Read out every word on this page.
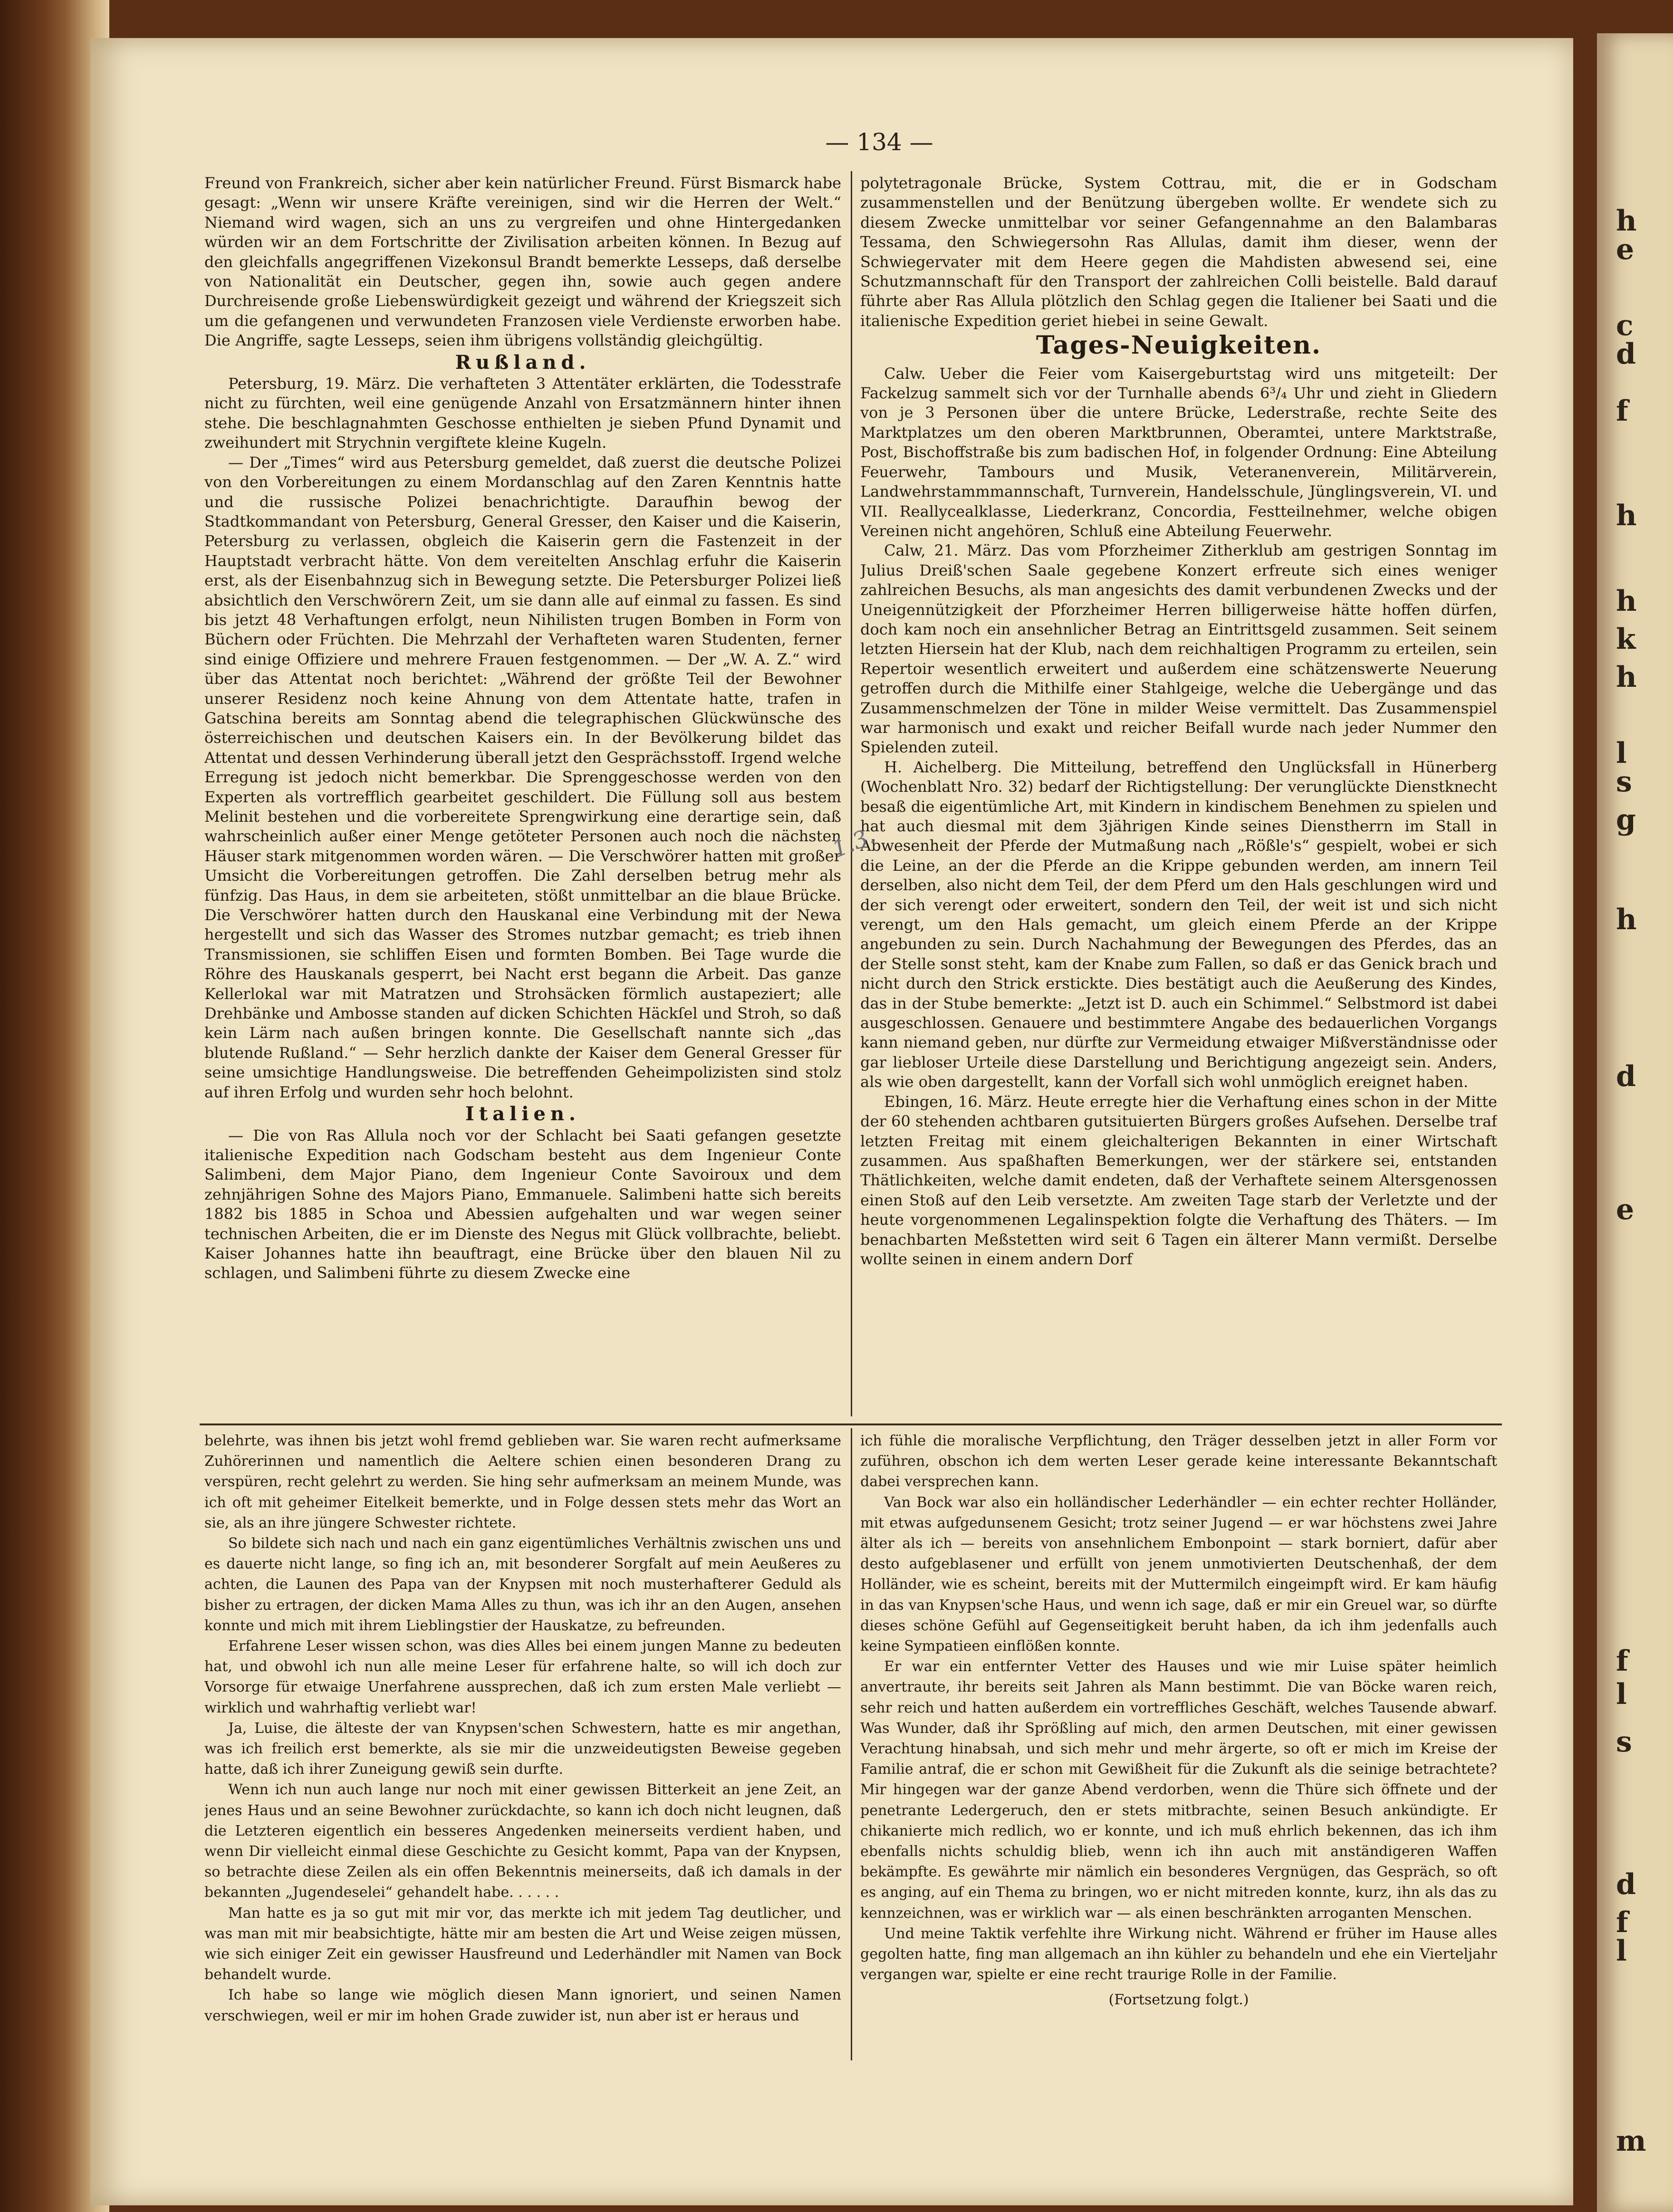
h
e
c
d
f
h
h
k
h
l
s
g
h
d
e
f
l
s
d
f
l
m
— 134 —

Freund von Frankreich, sicher aber kein natürlicher Freund. Fürst Bismarck habe gesagt: „Wenn wir unsere Kräfte vereinigen, sind wir die Herren der Welt.“ Niemand wird wagen, sich an uns zu vergreifen und ohne Hintergedanken würden wir an dem Fortschritte der Zivilisation arbeiten können. In Bezug auf den gleichfalls angegriffenen Vizekonsul Brandt bemerkte Lesseps, daß derselbe von Nationalität ein Deutscher, gegen ihn, sowie auch gegen andere Durchreisende große Liebenswürdigkeit gezeigt und während der Kriegszeit sich um die gefangenen und verwundeten Franzosen viele Verdienste erworben habe. Die Angriffe, sagte Lesseps, seien ihm übrigens vollständig gleichgültig.

Rußland.

Petersburg, 19. März. Die verhafteten 3 Attentäter erklärten, die Todesstrafe nicht zu fürchten, weil eine genügende Anzahl von Ersatzmännern hinter ihnen stehe. Die beschlagnahmten Geschosse enthielten je sieben Pfund Dynamit und zweihundert mit Strychnin vergiftete kleine Kugeln.

— Der „Times“ wird aus Petersburg gemeldet, daß zuerst die deutsche Polizei von den Vorbereitungen zu einem Mordanschlag auf den Zaren Kenntnis hatte und die russische Polizei benachrichtigte. Daraufhin bewog der Stadtkommandant von Petersburg, General Gresser, den Kaiser und die Kaiserin, Petersburg zu verlassen, obgleich die Kaiserin gern die Fastenzeit in der Hauptstadt verbracht hätte. Von dem vereitelten Anschlag erfuhr die Kaiserin erst, als der Eisenbahnzug sich in Bewegung setzte. Die Petersburger Polizei ließ absichtlich den Verschwörern Zeit, um sie dann alle auf einmal zu fassen. Es sind bis jetzt 48 Verhaftungen erfolgt, neun Nihilisten trugen Bomben in Form von Büchern oder Früchten. Die Mehrzahl der Verhafteten waren Studenten, ferner sind einige Offiziere und mehrere Frauen festgenommen. — Der „W. A. Z.“ wird über das Attentat noch berichtet: „Während der größte Teil der Bewohner unserer Residenz noch keine Ahnung von dem Attentate hatte, trafen in Gatschina bereits am Sonntag abend die telegraphischen Glückwünsche des österreichischen und deutschen Kaisers ein. In der Bevölkerung bildet das Attentat und dessen Verhinderung überall jetzt den Gesprächsstoff. Irgend welche Erregung ist jedoch nicht bemerkbar. Die Sprenggeschosse werden von den Experten als vortrefflich gearbeitet geschildert. Die Füllung soll aus bestem Melinit bestehen und die vorbereitete Sprengwirkung eine derartige sein, daß wahrscheinlich außer einer Menge getöteter Personen auch noch die nächsten Häuser stark mitgenommen worden wären. — Die Verschwörer hatten mit großer Umsicht die Vorbereitungen getroffen. Die Zahl derselben betrug mehr als fünfzig. Das Haus, in dem sie arbeiteten, stößt unmittelbar an die blaue Brücke. Die Verschwörer hatten durch den Hauskanal eine Verbindung mit der Newa hergestellt und sich das Wasser des Stromes nutzbar gemacht; es trieb ihnen Transmissionen, sie schliffen Eisen und formten Bomben. Bei Tage wurde die Röhre des Hauskanals gesperrt, bei Nacht erst begann die Arbeit. Das ganze Kellerlokal war mit Matratzen und Strohsäcken förmlich austapeziert; alle Drehbänke und Ambosse standen auf dicken Schichten Häckſel und Stroh, so daß kein Lärm nach außen bringen konnte. Die Gesellschaft nannte sich „das blutende Rußland.“ — Sehr herzlich dankte der Kaiser dem General Gresser für seine umsichtige Handlungsweise. Die betreffenden Geheimpolizisten sind stolz auf ihren Erfolg und wurden sehr hoch belohnt.

Italien.

— Die von Ras Allula noch vor der Schlacht bei Saati gefangen gesetzte italienische Expedition nach Godscham besteht aus dem Ingenieur Conte Salimbeni, dem Major Piano, dem Ingenieur Conte Savoiroux und dem zehnjährigen Sohne des Majors Piano, Emmanuele. Salimbeni hatte sich bereits 1882 bis 1885 in Schoa und Abessien aufgehalten und war wegen seiner technischen Arbeiten, die er im Dienste des Negus mit Glück vollbrachte, beliebt. Kaiser Johannes hatte ihn beauftragt, eine Brücke über den blauen Nil zu schlagen, und Salimbeni führte zu diesem Zwecke eine

polytetragonale Brücke, System Cottrau, mit, die er in Godscham zusammenstellen und der Benützung übergeben wollte. Er wendete sich zu diesem Zwecke unmittelbar vor seiner Gefangennahme an den Balambaras Tessama, den Schwiegersohn Ras Allulas, damit ihm dieser, wenn der Schwiegervater mit dem Heere gegen die Mahdisten abwesend sei, eine Schutzmannschaft für den Transport der zahlreichen Colli beistelle. Bald darauf führte aber Ras Allula plötzlich den Schlag gegen die Italiener bei Saati und die italienische Expedition geriet hiebei in seine Gewalt.

Tages-Neuigkeiten.

Calw. Ueber die Feier vom Kaisergeburtstag wird uns mitgeteilt: Der Fackelzug sammelt sich vor der Turnhalle abends 6³/₄ Uhr und zieht in Gliedern von je 3 Personen über die untere Brücke, Lederstraße, rechte Seite des Marktplatzes um den oberen Marktbrunnen, Oberamtei, untere Marktstraße, Post, Bischoffstraße bis zum badischen Hof, in folgender Ordnung: Eine Abteilung Feuerwehr, Tambours und Musik, Veteranenverein, Militärverein, Landwehrstammmannschaft, Turnverein, Handelsschule, Jünglingsverein, VI. und VII. Reallycealklasse, Liederkranz, Concordia, Festteilnehmer, welche obigen Vereinen nicht angehören, Schluß eine Abteilung Feuerwehr.

Calw, 21. März. Das vom Pforzheimer Zitherklub am gestrigen Sonntag im Julius Dreiß'schen Saale gegebene Konzert erfreute sich eines weniger zahlreichen Besuchs, als man angesichts des damit verbundenen Zwecks und der Uneigennützigkeit der Pforzheimer Herren billigerweise hätte hoffen dürfen, doch kam noch ein ansehnlicher Betrag an Eintrittsgeld zusammen. Seit seinem letzten Hiersein hat der Klub, nach dem reichhaltigen Programm zu erteilen, sein Repertoir wesentlich erweitert und außerdem eine schätzenswerte Neuerung getroffen durch die Mithilfe einer Stahlgeige, welche die Uebergänge und das Zusammenschmelzen der Töne in milder Weise vermittelt. Das Zusammenspiel war harmonisch und exakt und reicher Beifall wurde nach jeder Nummer den Spielenden zuteil.

H. Aichelberg. Die Mitteilung, betreffend den Unglücksfall in Hünerberg (Wochenblatt Nro. 32) bedarf der Richtigstellung: Der verunglückte Dienstknecht besaß die eigentümliche Art, mit Kindern in kindischem Benehmen zu spielen und hat auch diesmal mit dem 3jährigen Kinde seines Dienstherrn im Stall in Abwesenheit der Pferde der Mutmaßung nach „Rößle's“ gespielt, wobei er sich die Leine, an der die Pferde an die Krippe gebunden werden, am innern Teil derselben, also nicht dem Teil, der dem Pferd um den Hals geschlungen wird und der sich verengt oder erweitert, sondern den Teil, der weit ist und sich nicht verengt, um den Hals gemacht, um gleich einem Pferde an der Krippe angebunden zu sein. Durch Nachahmung der Bewegungen des Pferdes, das an der Stelle sonst steht, kam der Knabe zum Fallen, so daß er das Genick brach und nicht durch den Strick erstickte. Dies bestätigt auch die Aeußerung des Kindes, das in der Stube bemerkte: „Jetzt ist D. auch ein Schimmel.“ Selbstmord ist dabei ausgeschlossen. Genauere und bestimmtere Angabe des bedauerlichen Vorgangs kann niemand geben, nur dürfte zur Vermeidung etwaiger Mißverständnisse oder gar liebloser Urteile diese Darstellung und Berichtigung angezeigt sein. Anders, als wie oben dargestellt, kann der Vorfall sich wohl unmöglich ereignet haben.

Ebingen, 16. März. Heute erregte hier die Verhaftung eines schon in der Mitte der 60 stehenden achtbaren gutsituierten Bürgers großes Aufsehen. Derselbe traf letzten Freitag mit einem gleichalterigen Bekannten in einer Wirtschaft zusammen. Aus spaßhaften Bemerkungen, wer der stärkere sei, entstanden Thätlichkeiten, welche damit endeten, daß der Verhaftete seinem Altersgenossen einen Stoß auf den Leib versetzte. Am zweiten Tage starb der Verletzte und der heute vorgenommenen Legalinspektion folgte die Verhaftung des Thäters. — Im benachbarten Meßstetten wird seit 6 Tagen ein älterer Mann vermißt. Derselbe wollte seinen in einem andern Dorf

1.3.

belehrte, was ihnen bis jetzt wohl fremd geblieben war. Sie waren recht aufmerksame Zuhörerinnen und namentlich die Aeltere schien einen besonderen Drang zu verspüren, recht gelehrt zu werden. Sie hing sehr aufmerksam an meinem Munde, was ich oft mit geheimer Eitelkeit bemerkte, und in Folge dessen stets mehr das Wort an sie, als an ihre jüngere Schwester richtete.

So bildete sich nach und nach ein ganz eigentümliches Verhältnis zwischen uns und es dauerte nicht lange, so fing ich an, mit besonderer Sorgfalt auf mein Aeußeres zu achten, die Launen des Papa van der Knypsen mit noch musterhafterer Geduld als bisher zu ertragen, der dicken Mama Alles zu thun, was ich ihr an den Augen, ansehen konnte und mich mit ihrem Lieblingstier der Hauskatze, zu befreunden.

Erfahrene Leser wissen schon, was dies Alles bei einem jungen Manne zu bedeuten hat, und obwohl ich nun alle meine Leser für erfahrene halte, so will ich doch zur Vorsorge für etwaige Unerfahrene aussprechen, daß ich zum ersten Male verliebt — wirklich und wahrhaftig verliebt war!

Ja, Luise, die älteste der van Knypsen'schen Schwestern, hatte es mir angethan, was ich freilich erst bemerkte, als sie mir die unzweideutigsten Beweise gegeben hatte, daß ich ihrer Zuneigung gewiß sein durfte.

Wenn ich nun auch lange nur noch mit einer gewissen Bitterkeit an jene Zeit, an jenes Haus und an seine Bewohner zurückdachte, so kann ich doch nicht leugnen, daß die Letzteren eigentlich ein besseres Angedenken meinerseits verdient haben, und wenn Dir vielleicht einmal diese Geschichte zu Gesicht kommt, Papa van der Knypsen, so betrachte diese Zeilen als ein offen Bekenntnis meinerseits, daß ich damals in der bekannten „Jugendeselei“ gehandelt habe. . . . . .

Man hatte es ja so gut mit mir vor, das merkte ich mit jedem Tag deutlicher, und was man mit mir beabsichtigte, hätte mir am besten die Art und Weise zeigen müssen, wie sich einiger Zeit ein gewisser Hausfreund und Lederhändler mit Namen van Bock behandelt wurde.

Ich habe so lange wie möglich diesen Mann ignoriert, und seinen Namen verschwiegen, weil er mir im hohen Grade zuwider ist, nun aber ist er heraus und

ich fühle die moralische Verpflichtung, den Träger desselben jetzt in aller Form vor zuführen, obschon ich dem werten Leser gerade keine interessante Bekanntschaft dabei versprechen kann.

Van Bock war also ein holländischer Lederhändler — ein echter rechter Holländer, mit etwas aufgedunsenem Gesicht; trotz seiner Jugend — er war höchstens zwei Jahre älter als ich — bereits von ansehnlichem Embonpoint — stark borniert, dafür aber desto aufgeblasener und erfüllt von jenem unmotivierten Deutschenhaß, der dem Holländer, wie es scheint, bereits mit der Muttermilch eingeimpft wird. Er kam häufig in das van Knypsen'sche Haus, und wenn ich sage, daß er mir ein Greuel war, so dürfte dieses schöne Gefühl auf Gegenseitigkeit beruht haben, da ich ihm jedenfalls auch keine Sympatieen einflößen konnte.

Er war ein entfernter Vetter des Hauses und wie mir Luise später heimlich anvertraute, ihr bereits seit Jahren als Mann bestimmt. Die van Böcke waren reich, sehr reich und hatten außerdem ein vortreffliches Geschäft, welches Tausende abwarf. Was Wunder, daß ihr Sprößling auf mich, den armen Deutschen, mit einer gewissen Verachtung hinabsah, und sich mehr und mehr ärgerte, so oft er mich im Kreise der Familie antraf, die er schon mit Gewißheit für die Zukunft als die seinige betrachtete? Mir hingegen war der ganze Abend verdorben, wenn die Thüre sich öffnete und der penetrante Ledergeruch, den er stets mitbrachte, seinen Besuch ankündigte. Er chikanierte mich redlich, wo er konnte, und ich muß ehrlich bekennen, das ich ihm ebenfalls nichts schuldig blieb, wenn ich ihn auch mit anständigeren Waffen bekämpfte. Es gewährte mir nämlich ein besonderes Vergnügen, das Gespräch, so oft es anging, auf ein Thema zu bringen, wo er nicht mitreden konnte, kurz, ihn als das zu kennzeichnen, was er wirklich war — als einen beschränkten arroganten Menschen.

Und meine Taktik verfehlte ihre Wirkung nicht. Während er früher im Hause alles gegolten hatte, fing man allgemach an ihn kühler zu behandeln und ehe ein Vierteljahr vergangen war, spielte er eine recht traurige Rolle in der Familie.

(Fortsetzung folgt.)
